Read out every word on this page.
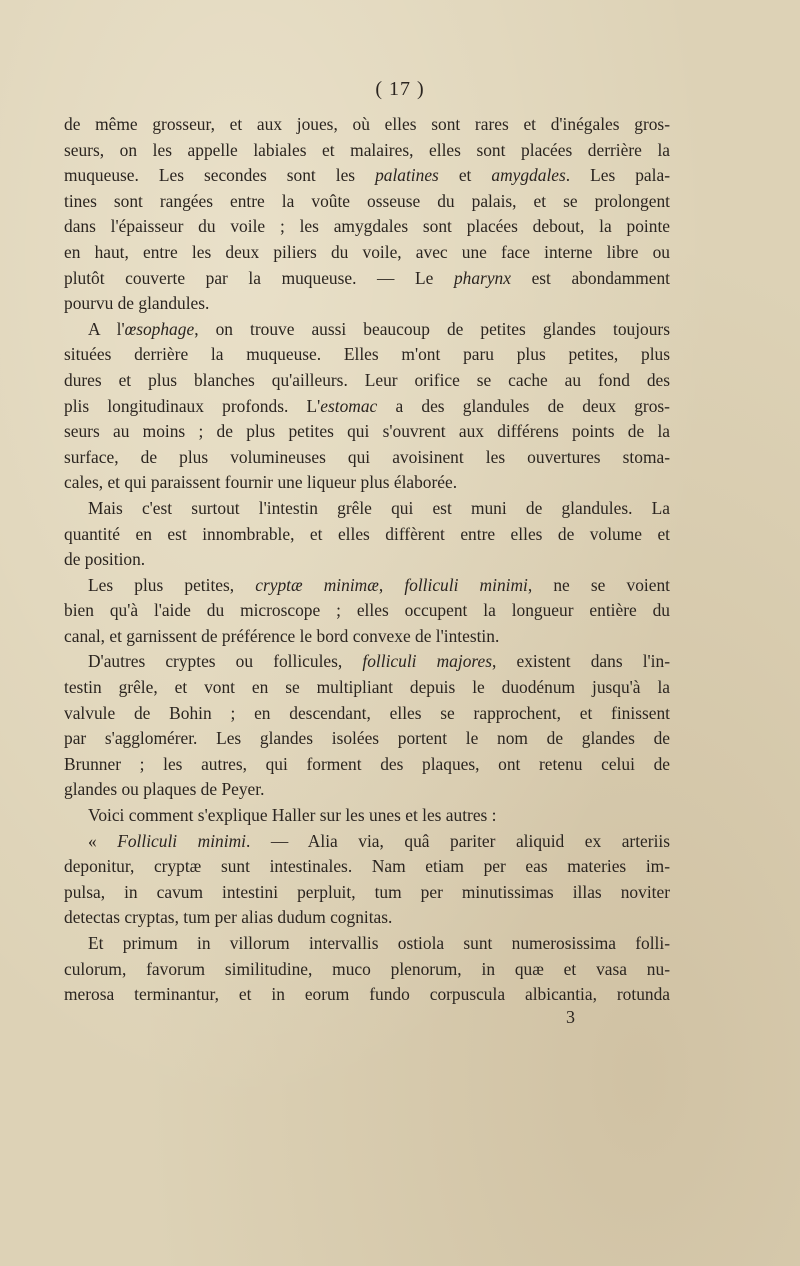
( 17 )
de même grosseur, et aux joues, où elles sont rares et d'inégales gros-
seurs, on les appelle labiales et malaires, elles sont placées derrière la
muqueuse. Les secondes sont les palatines et amygdales. Les pala-
tines sont rangées entre la voûte osseuse du palais, et se prolongent
dans l'épaisseur du voile ; les amygdales sont placées debout, la pointe
en haut, entre les deux piliers du voile, avec une face interne libre ou
plutôt couverte par la muqueuse. — Le pharynx est abondamment
pourvu de glandules.
A l'œsophage, on trouve aussi beaucoup de petites glandes toujours
situées derrière la muqueuse. Elles m'ont paru plus petites, plus
dures et plus blanches qu'ailleurs. Leur orifice se cache au fond des
plis longitudinaux profonds. L'estomac a des glandules de deux gros-
seurs au moins ; de plus petites qui s'ouvrent aux différens points de la
surface, de plus volumineuses qui avoisinent les ouvertures stoma-
cales, et qui paraissent fournir une liqueur plus élaborée.
Mais c'est surtout l'intestin grêle qui est muni de glandules. La
quantité en est innombrable, et elles diffèrent entre elles de volume et
de position.
Les plus petites, cryptæ minimæ, folliculi minimi, ne se voient
bien qu'à l'aide du microscope ; elles occupent la longueur entière du
canal, et garnissent de préférence le bord convexe de l'intestin.
D'autres cryptes ou follicules, folliculi majores, existent dans l'in-
testin grêle, et vont en se multipliant depuis le duodénum jusqu'à la
valvule de Bohin ; en descendant, elles se rapprochent, et finissent
par s'agglomérer. Les glandes isolées portent le nom de glandes de
Brunner ; les autres, qui forment des plaques, ont retenu celui de
glandes ou plaques de Peyer.
Voici comment s'explique Haller sur les unes et les autres :
« Folliculi minimi. — Alia via, quâ pariter aliquid ex arteriis
deponitur, cryptæ sunt intestinales. Nam etiam per eas materies im-
pulsa, in cavum intestini perpluit, tum per minutissimas illas noviter
detectas cryptas, tum per alias dudum cognitas.
Et primum in villorum intervallis ostiola sunt numerosissima folli-
culorum, favorum similitudine, muco plenorum, in quæ et vasa nu-
merosa terminantur, et in eorum fundo corpuscula albicantia, rotunda
3
